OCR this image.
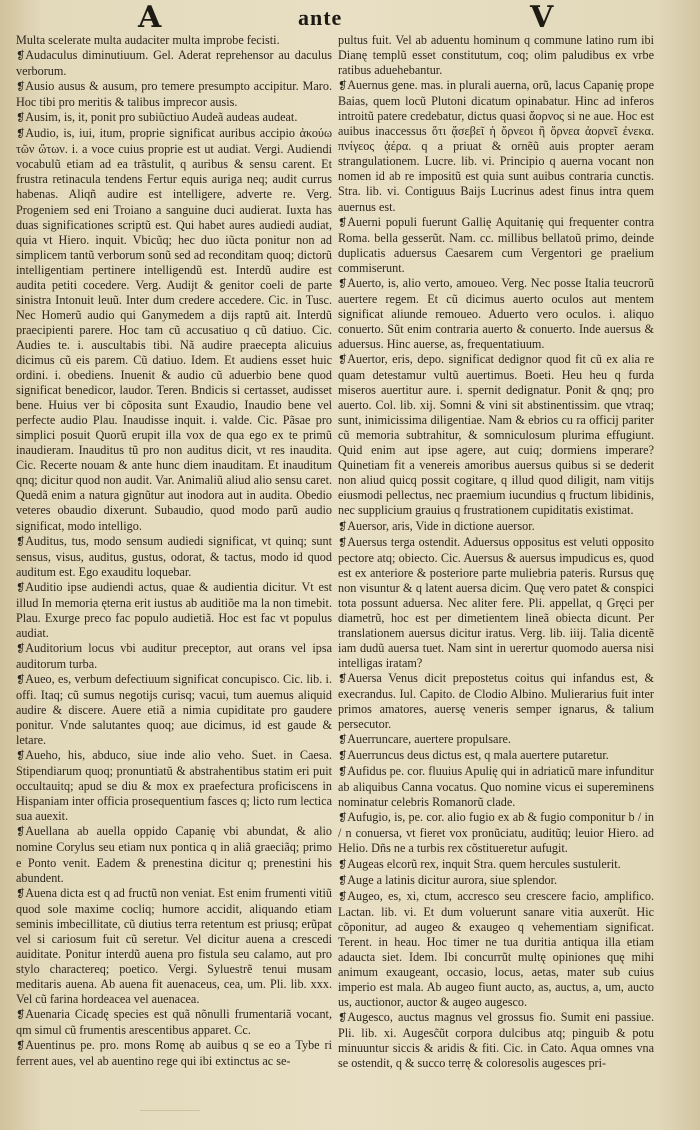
A	ante	V

Multa scelerate multa audaciter multa improbe fecisti.

❡ Audaculus diminutiuum. Gel. Aderat reprehensor au daculus verborum.

❡ Ausio ausus & ausum, pro temere presumpto accipitur. Maro. Hoc tibi pro meritis & talibus imprecor ausis.

❡ Ausim, is, it, ponit pro subiũctiuo Audeã audeas audeat.

❡ Audio, is, iui, itum, proprie significat auribus accipio ἀκούω τῶν ὤτων. i. a voce cuius proprie est ut audiat. Vergi. Audiendi vocabulũ etiam ad ea trãstulit, q auribus & sensu carent. Et frustra retinacula tendens Fertur equis auriga neq; audit currus habenas. Aliqñ audire est intelligere, adverte re. Verg. Progeniem sed eni Troiano a sanguine duci audierat. Iuxta has duas significationes scriptũ est. Qui habet aures audiedi audiat, quia vt Hiero. inquit. Vbicũq; hec duo iũcta ponitur non ad simplicem tantũ verborum sonũ sed ad reconditam quoq; dictorũ intelligentiam pertinere intelligendũ est. Interdũ audire est audita petiti cocedere. Verg. Audijt & genitor coeli de parte sinistra Intonuit leuũ. Inter dum credere accedere. Cic. in Tusc. Nec Homerũ audio qui Ganymedem a dijs raptũ ait. Interdũ praecipienti parere. Hoc tam cũ accusatiuo q cũ datiuo. Cic. Audies te. i. auscultabis tibi. Nã audire praecepta alicuius dicimus cũ eis parem. Cũ datiuo. Idem. Et audiens esset huic ordini. i. obediens. Inuenit & audio cũ aduerbio bene quod significat benedicor, laudor. Teren. Bndicis si certasset, audisset bene. Huius ver bi cõposita sunt Exaudio, Inaudio bene vel perfecte audio Plau. Inaudisse inquit. i. valde. Cic. Pãsae pro simplici posuit Quorũ erupit illa vox de qua ego ex te primũ inaudieram. Inauditus tũ pro non auditus dicit, vt res inaudita. Cic. Recerte nouam & ante hunc diem inauditam. Et inauditum qnq; dicitur quod non audit. Var. Animaliũ aliud alio sensu caret. Quedã enim a natura gignũtur aut inodora aut in audita. Obedio veteres obaudio dixerunt. Subaudio, quod modo parũ audio significat, modo intelligo.

❡ Auditus, tus, modo sensum audiedi significat, vt quinq; sunt sensus, visus, auditus, gustus, odorat, & tactus, modo id quod auditum est. Ego exauditu loquebar.

❡ Auditio ipse audiendi actus, quae & audientia dicitur. Vt est illud In memoria ęterna erit iustus ab auditiõe ma la non timebit. Plau. Exurge preco fac populo audietiã. Hoc est fac vt populus audiat.

❡ Auditorium locus vbi auditur preceptor, aut orans vel ipsa auditorum turba.

❡ Aueo, es, verbum defectiuum significat concupisco. Cic. lib. i. offi. Itaq; cũ sumus negotijs curisq; vacui, tum auemus aliquid audire & discere. Auere etiã a nimia cupiditate pro gaudere ponitur. Vnde salutantes quoq; aue dicimus, id est gaude & letare.

❡ Aueho, his, abduco, siue inde alio veho. Suet. in Caesa. Stipendiarum quoq; pronuntiatũ & abstrahentibus statim eri puit occultauitq; apud se diu & mox ex praefectura proficiscens in Hispaniam inter officia prosequentium fasces q; licto rum lectica sua auexit.

❡ Auellana ab auella oppido Capanię vbi abundat, & alio nomine Corylus seu etiam nux pontica q in aliã graeciãq; primo e Ponto venit. Eadem & prenestina dicitur q; prenestini his abundent.

❡ Auena dicta est q ad fructũ non veniat. Est enim frumenti vitiũ quod sole maxime cocliq; humore accidit, aliquando etiam seminis imbecillitate, cũ diutius terra retentum est priusq; erũpat vel si cariosum fuit cũ seretur. Vel dicitur auena a crescedi auiditate. Ponitur interdũ auena pro fistula seu calamo, aut pro stylo charactereq; poetico. Vergi. Syluestrẽ tenui musam meditaris auena. Ab auena fit auenaceus, cea, um. Pli. lib. xxx. Vel cũ farina hordeacea vel auenacea.

❡ Auenaria Cicadę species est quã nõnulli frumentariã vocant, qm simul cũ frumentis arescentibus apparet. Cc.

❡ Auentinus pe. pro. mons Romę ab auibus q se eo a Tybe ri ferrent aues, vel ab auentino rege qui ibi extinctus ac se-

pultus fuit. Vel ab aduentu hominum q commune latino rum ibi Dianę templũ esset constitutum, coq; olim paludibus ex vrbe ratibus aduehebantur.

❡ Auernus gene. mas. in plurali auerna, orũ, lacus Capanię prope Baias, quem locũ Plutoni dicatum opinabatur. Hinc ad inferos introitũ patere credebatur, dictus quasi ἄορνος si ne aue. Hoc est auibus inaccessus ὅτι ᾄσεβεῖ ἡ ὄρνεοι ἢ ὅρνεα ἀορνεῖ ἐνεκα. πνίγεος ᾀέρα. q a priuat & ornẽũ auis propter aeram strangulationem. Lucre. lib. vi. Principio q auerna vocant non nomen id ab re impositũ est quia sunt auibus contraria cunctis. Stra. lib. vi. Contiguus Baijs Lucrinus adest finus intra quem auernus est.

❡ Auerni populi fuerunt Gallię Aquitanię qui frequenter contra Roma. bella gesserũt. Nam. cc. millibus bellatoũ primo, deinde duplicatis aduersus Caesarem cum Vergentori ge praelium commiserunt.

❡ Auerto, is, alio verto, amoueo. Verg. Nec posse Italia teucrorũ auertere regem. Et cũ dicimus auerto oculos aut mentem significat aliunde remoueo. Aduerto vero oculos. i. aliquo conuerto. Sũt enim contraria auerto & conuerto. Inde auersus & aduersus. Hinc auerse, as, frequentatiuum.

❡ Auertor, eris, depo. significat dedignor quod fit cũ ex alia re quam detestamur vultũ auertimus. Boeti. Heu heu q furda miseros auertitur aure. i. spernit dedignatur. Ponit & qnq; pro auerto. Col. lib. xij. Somni & vini sit abstinentissim. que vtraq; sunt, inimicissima diligentiae. Nam & ebrios cu ra officij pariter cũ memoria subtrahitur, & somniculosum plurima effugiunt. Quid enim aut ipse agere, aut cuiq; dormiens imperare? Quinetiam fit a venereis amoribus auersus quibus si se dederit non aliud quicq possit cogitare, q illud quod diligit, nam vitijs eiusmodi pellectus, nec praemium iucundius q fructum libidinis, nec supplicium grauius q frustrationem cupiditatis existimat.

❡ Auersor, aris, Vide in dictione auersor.

❡ Auersus terga ostendit. Aduersus oppositus est veluti opposito pectore atq; obiecto. Cic. Auersus & auersus impudicus es, quod est ex anteriore & posteriore parte muliebria pateris. Rursus quę non visuntur & q latent auersa dicim. Quę vero patet & conspici tota possunt aduersa. Nec aliter fere. Pli. appellat, q Gręci per diametrũ, hoc est per dimetientem lineã obiecta dicunt. Per translationem auersus dicitur iratus. Verg. lib. iiij. Talia dicentẽ iam dudũ auersa tuet. Nam sint in uerertur quomodo auersa nisi intelligas iratam?

❡ Auersa Venus dicit prepostetus coitus qui infandus est, & execrandus. Iul. Capito. de Clodio Albino. Mulierarius fuit inter primos amatores, auersę veneris semper ignarus, & talium persecutor.

❡ Auerruncare, auertere propulsare.

❡ Auerruncus deus dictus est, q mala auertere putaretur.

❡ Aufidus pe. cor. fluuius Apulię qui in adriaticũ mare infunditur ab aliquibus Canna vocatus. Quo nomine vicus ei supereminens nominatur celebris Romanorũ clade.

❡ Aufugio, is, pe. cor. alio fugio ex ab & fugio componitur b / in / n conuersa, vt fieret vox pronũciatu, auditũq; leuior Hiero. ad Helio. Dñs ne a turbis rex cõstitueretur aufugit.

❡ Augeas elcorũ rex, inquit Stra. quem hercules sustulerit.

❡ Auge a latinis dicitur aurora, siue splendor.

❡ Augeo, es, xi, ctum, accresco seu crescere facio, amplifico. Lactan. lib. vi. Et dum voluerunt sanare vitia auxerũt. Hic cõponitur, ad augeo & exaugeo q vehementiam significat. Terent. in heau. Hoc timer ne tua duritia antiqua illa etiam adaucta siet. Idem. Ibi concurrũt multę opiniones quę mihi animum exaugeant, occasio, locus, aetas, mater sub cuius imperio est mala. Ab augeo fiunt aucto, as, auctus, a, um, aucto us, auctionor, auctor & augeo augesco.

❡ Augesco, auctus magnus vel grossus fio. Sumit eni passiue. Pli. lib. xi. Augesc̃ũt corpora dulcibus atq; pinguib & potu minuuntur siccis & aridis & fiti. Cic. in Cato. Aqua omnes vna se ostendit, q & succo terrę & coloresolis augesces pri-
